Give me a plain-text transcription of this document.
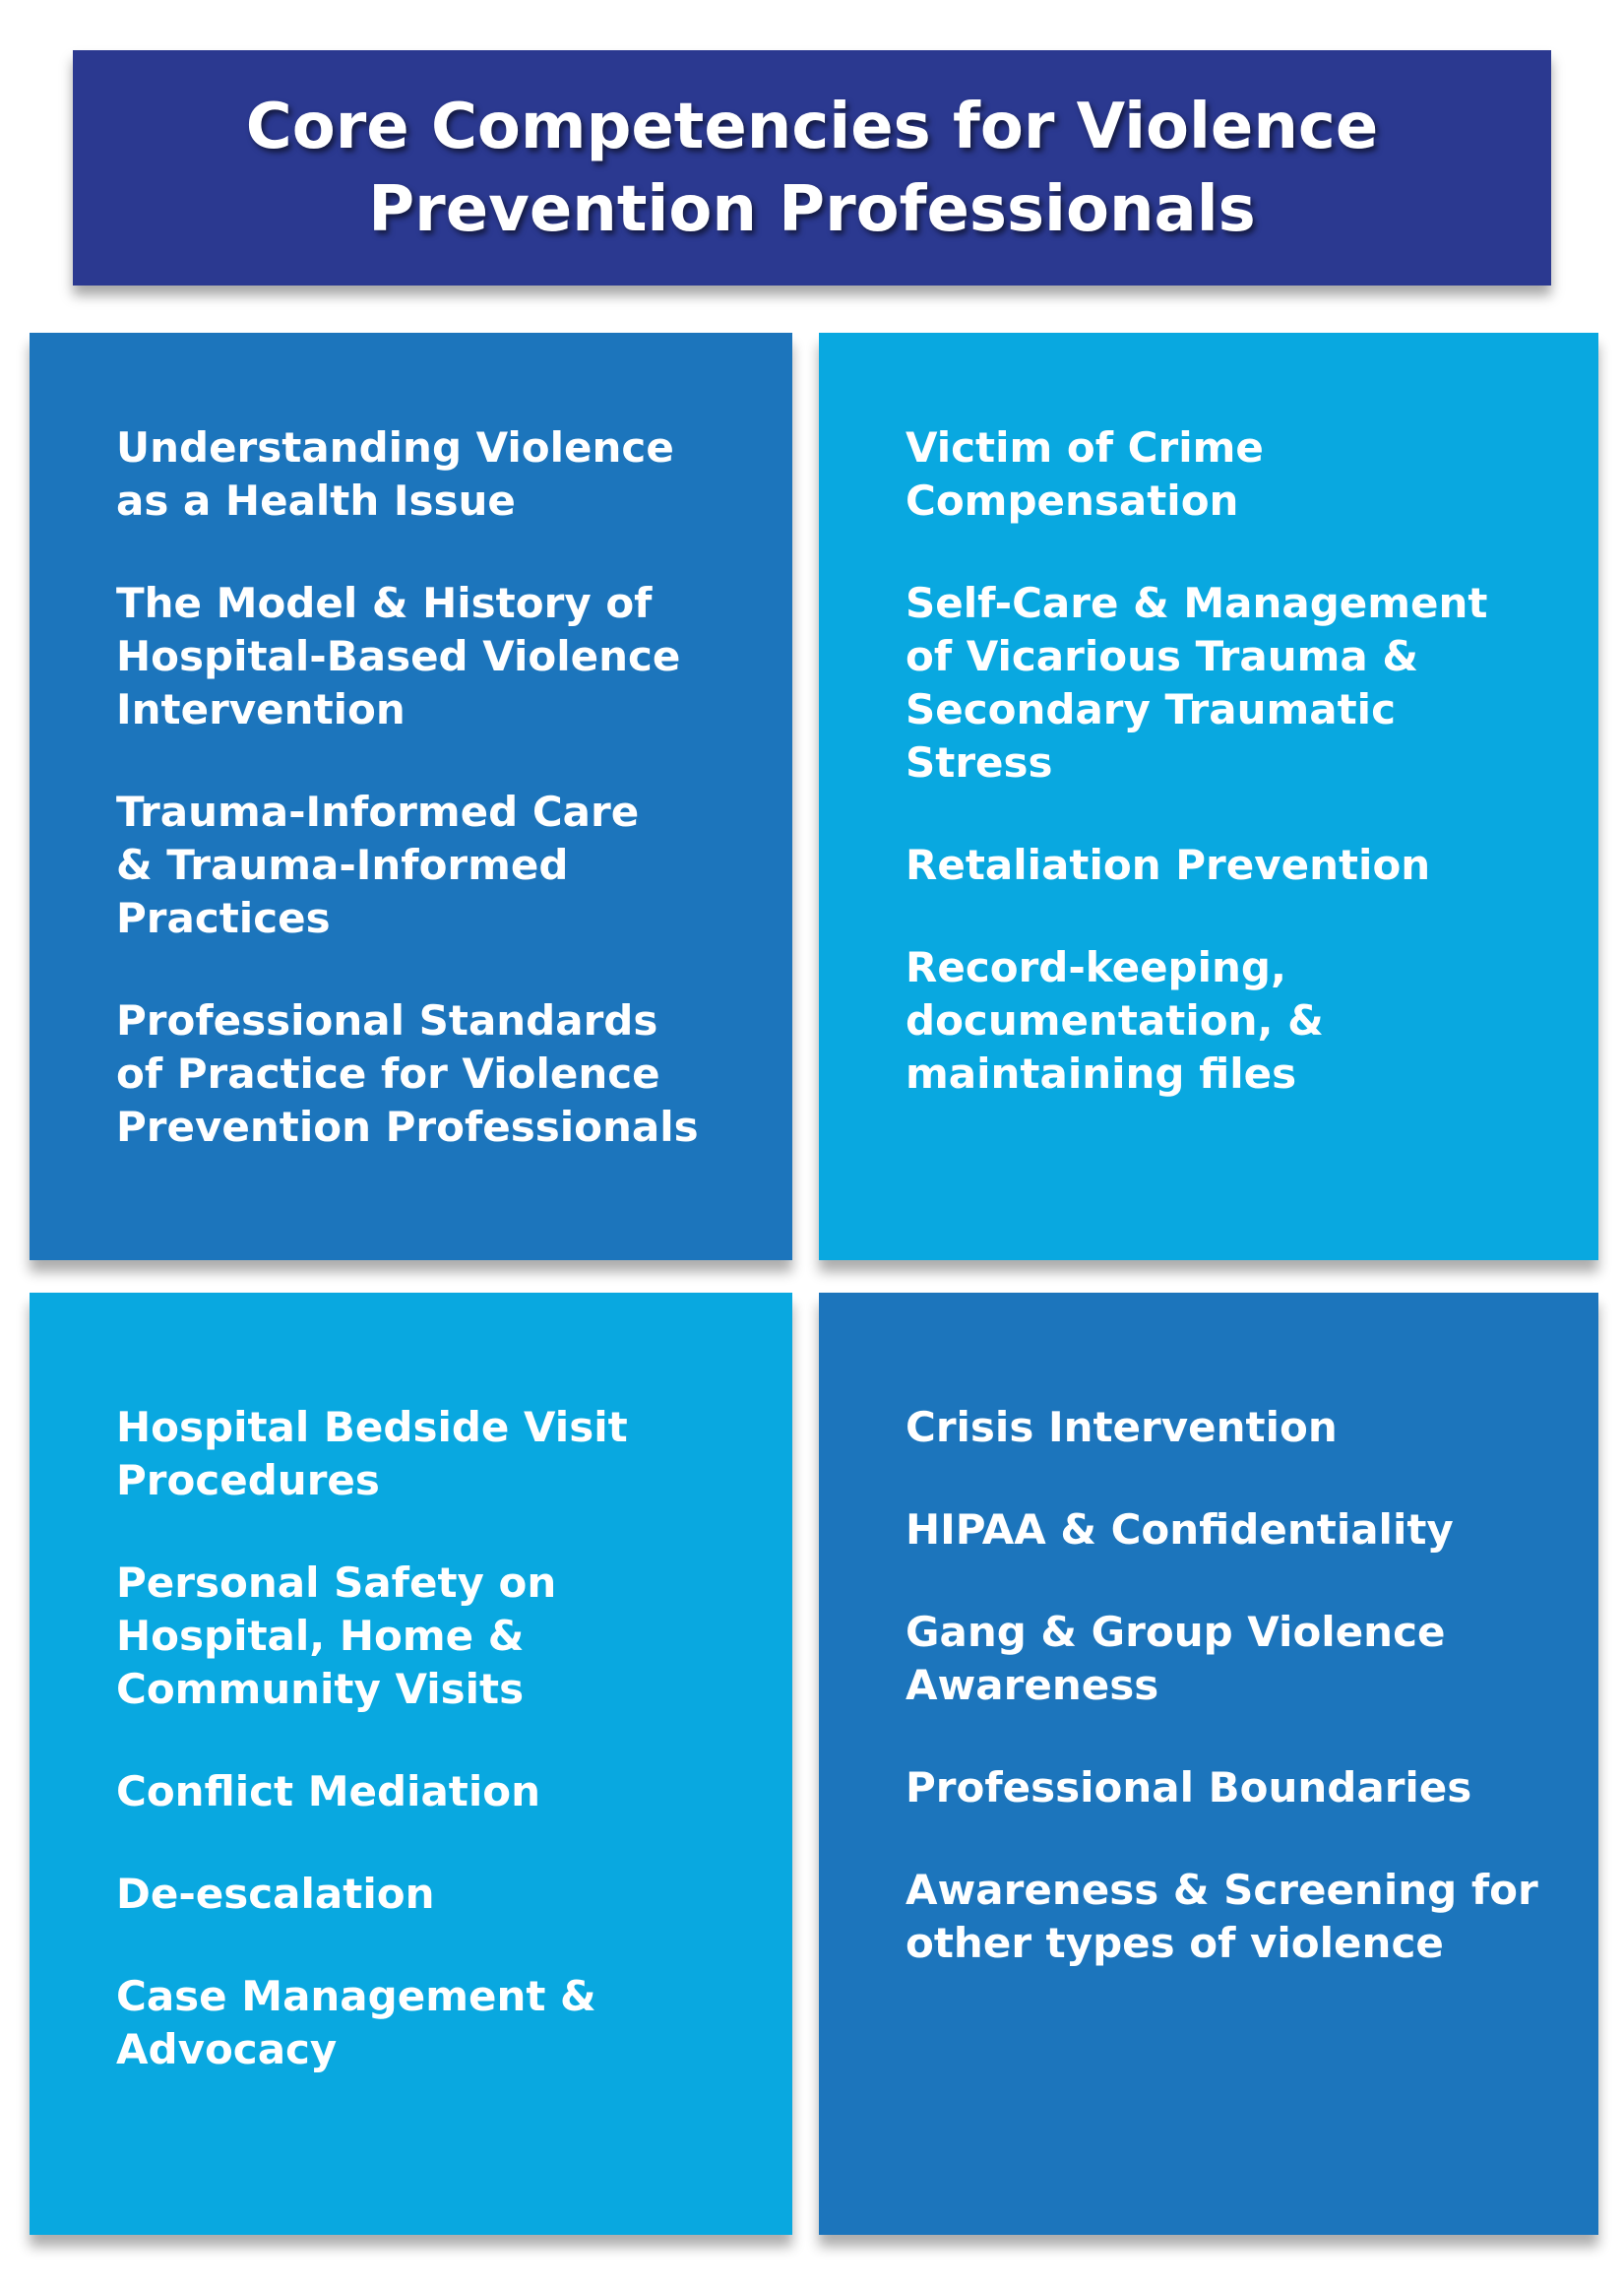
Core Competencies for Violence
Prevention Professionals
Understanding Violence
as a Health Issue
The Model & History of
Hospital-Based Violence
Intervention
Trauma-Informed Care
& Trauma-Informed
Practices
Professional Standards
of Practice for Violence
Prevention Professionals
Victim of Crime
Compensation
Self-Care & Management
of Vicarious Trauma &
Secondary Traumatic
Stress
Retaliation Prevention
Record-keeping,
documentation, &
maintaining files
Hospital Bedside Visit
Procedures
Personal Safety on
Hospital, Home &
Community Visits
Conflict Mediation
De-escalation
Case Management &
Advocacy
Crisis Intervention
HIPAA & Confidentiality
Gang & Group Violence
Awareness
Professional Boundaries
Awareness & Screening for
other types of violence
